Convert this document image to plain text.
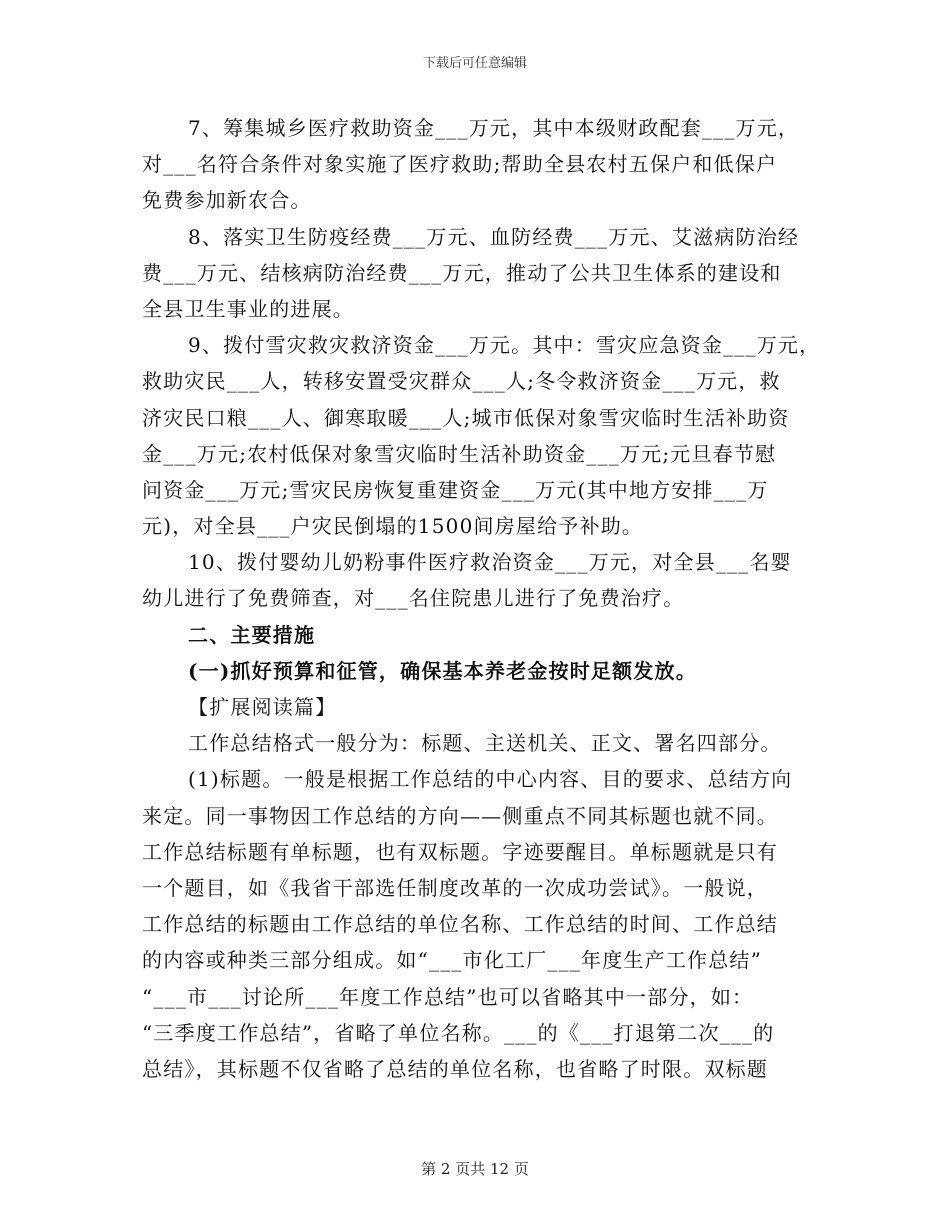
下载后可任意编辑
7、筹集城乡医疗救助资金___万元，其中本级财政配套___万元，
对___名符合条件对象实施了医疗救助;帮助全县农村五保户和低保户
免费参加新农合。
8、落实卫生防疫经费___万元、血防经费___万元、艾滋病防治经
费___万元、结核病防治经费___万元，推动了公共卫生体系的建设和
全县卫生事业的进展。
9、拨付雪灾救灾救济资金___万元。其中：雪灾应急资金___万元，
救助灾民___人，转移安置受灾群众___人;冬令救济资金___万元，救
济灾民口粮___人、御寒取暖___人;城市低保对象雪灾临时生活补助资
金___万元;农村低保对象雪灾临时生活补助资金___万元;元旦春节慰
问资金___万元;雪灾民房恢复重建资金___万元(其中地方安排___万
元)，对全县___户灾民倒塌的1500间房屋给予补助。
10、拨付婴幼儿奶粉事件医疗救治资金___万元，对全县___名婴
幼儿进行了免费筛查，对___名住院患儿进行了免费治疗。
二、主要措施
(一)抓好预算和征管，确保基本养老金按时足额发放。
【扩展阅读篇】
工作总结格式一般分为：标题、主送机关、正文、署名四部分。
(1)标题。一般是根据工作总结的中心内容、目的要求、总结方向
来定。同一事物因工作总结的方向——侧重点不同其标题也就不同。
工作总结标题有单标题，也有双标题。字迹要醒目。单标题就是只有
一个题目，如《我省干部选任制度改革的一次成功尝试》。一般说，
工作总结的标题由工作总结的单位名称、工作总结的时间、工作总结
的内容或种类三部分组成。如“___市化工厂___年度生产工作总结”
“___市___讨论所___年度工作总结”也可以省略其中一部分，如：
“三季度工作总结”，省略了单位名称。___的《___打退第二次___的
总结》，其标题不仅省略了总结的单位名称，也省略了时限。双标题
第 2 页共 12 页
